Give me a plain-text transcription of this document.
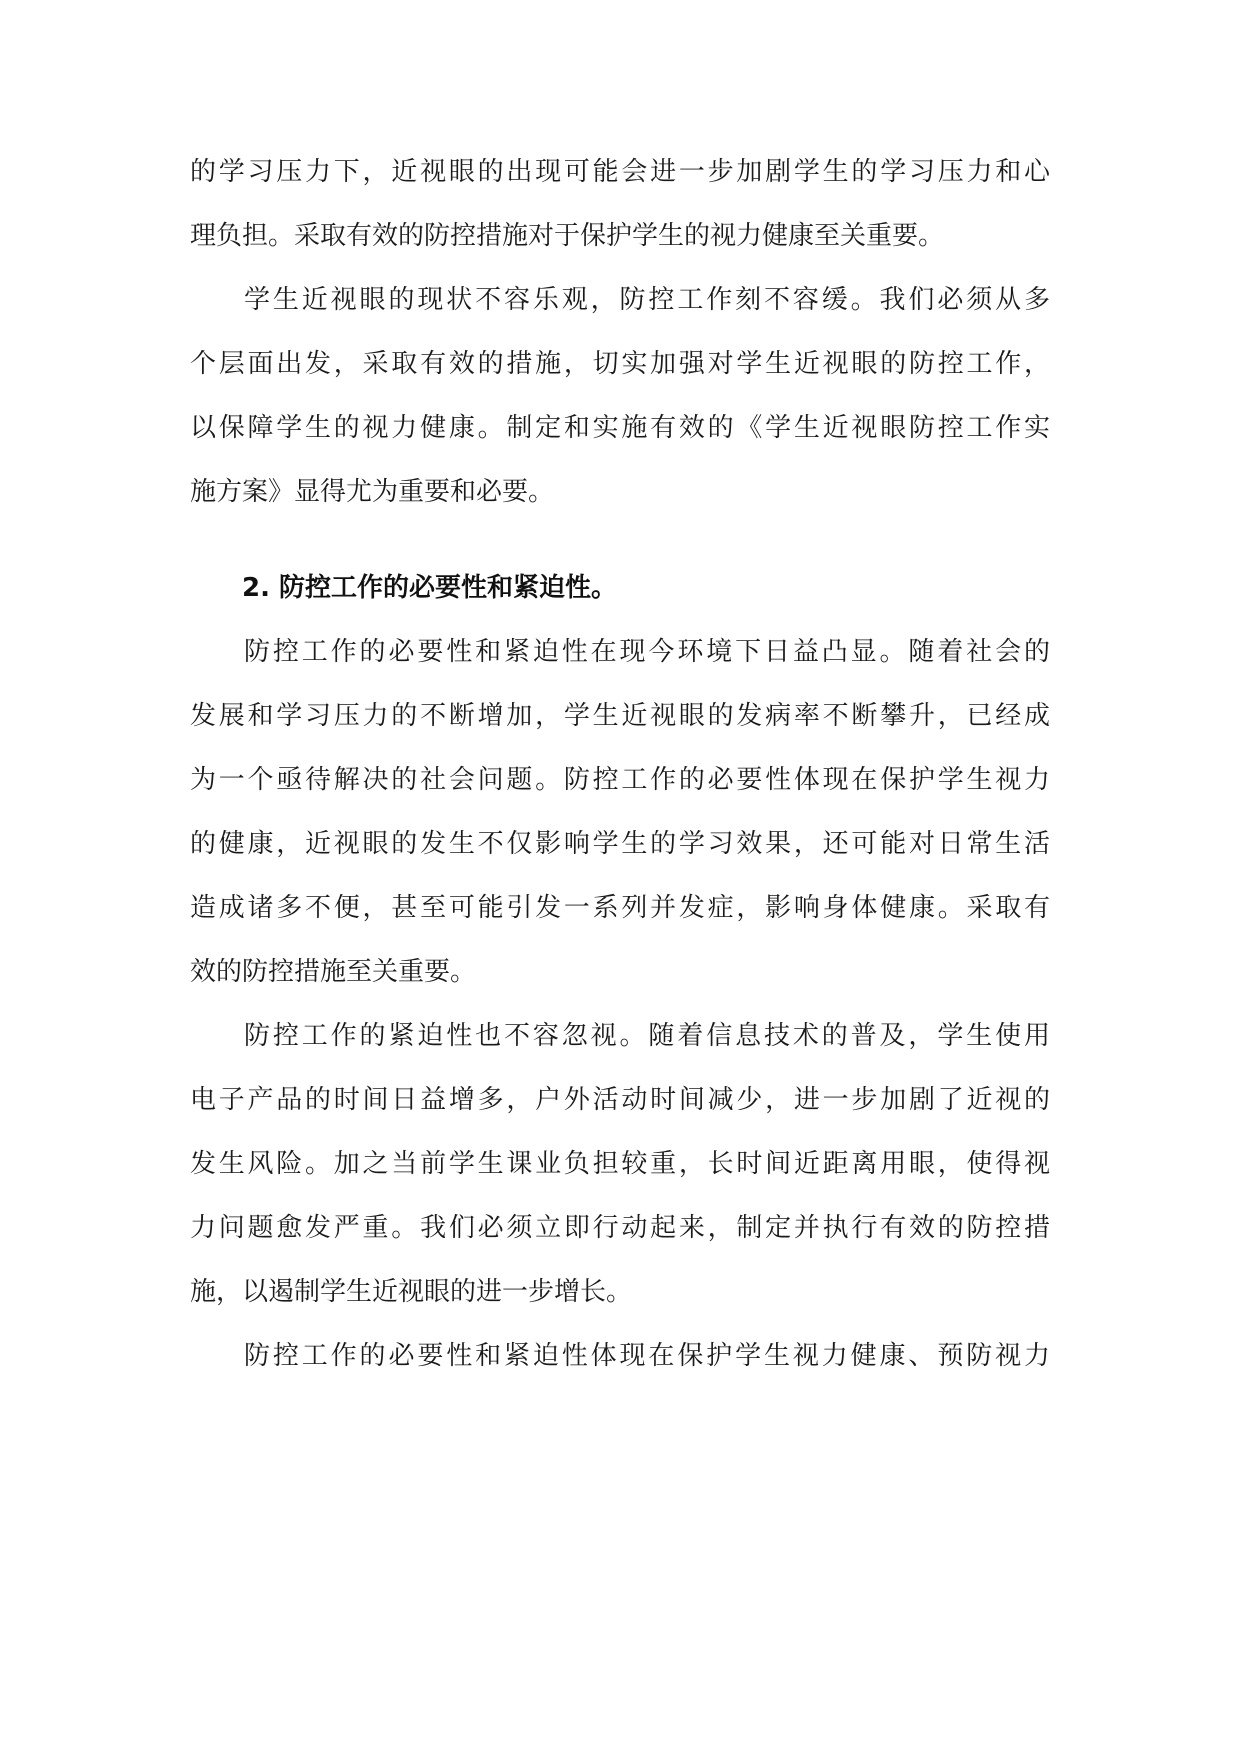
的学习压力下，近视眼的出现可能会进一步加剧学生的学习压力和心
理负担。采取有效的防控措施对于保护学生的视力健康至关重要。
学生近视眼的现状不容乐观，防控工作刻不容缓。我们必须从多
个层面出发，采取有效的措施，切实加强对学生近视眼的防控工作，
以保障学生的视力健康。制定和实施有效的《学生近视眼防控工作实
施方案》显得尤为重要和必要。
2. 防控工作的必要性和紧迫性。
防控工作的必要性和紧迫性在现今环境下日益凸显。随着社会的
发展和学习压力的不断增加，学生近视眼的发病率不断攀升，已经成
为一个亟待解决的社会问题。防控工作的必要性体现在保护学生视力
的健康，近视眼的发生不仅影响学生的学习效果，还可能对日常生活
造成诸多不便，甚至可能引发一系列并发症，影响身体健康。采取有
效的防控措施至关重要。
防控工作的紧迫性也不容忽视。随着信息技术的普及，学生使用
电子产品的时间日益增多，户外活动时间减少，进一步加剧了近视的
发生风险。加之当前学生课业负担较重，长时间近距离用眼，使得视
力问题愈发严重。我们必须立即行动起来，制定并执行有效的防控措
施，以遏制学生近视眼的进一步增长。
防控工作的必要性和紧迫性体现在保护学生视力健康、预防视力
